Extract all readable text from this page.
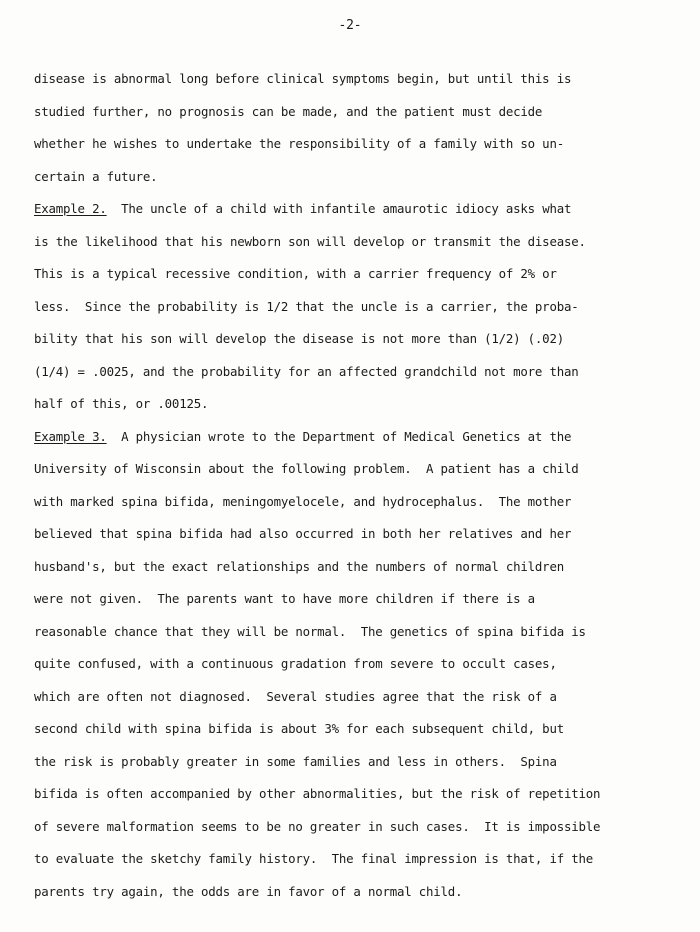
-2-
disease is abnormal long before clinical symptoms begin, but until this is
studied further, no prognosis can be made, and the patient must decide
whether he wishes to undertake the responsibility of a family with so un-
certain a future.
Example 2.  The uncle of a child with infantile amaurotic idiocy asks what
is the likelihood that his newborn son will develop or transmit the disease.
This is a typical recessive condition, with a carrier frequency of 2% or
less.  Since the probability is 1/2 that the uncle is a carrier, the proba-
bility that his son will develop the disease is not more than (1/2) (.02)
(1/4) = .0025, and the probability for an affected grandchild not more than
half of this, or .00125.
Example 3.  A physician wrote to the Department of Medical Genetics at the
University of Wisconsin about the following problem.  A patient has a child
with marked spina bifida, meningomyelocele, and hydrocephalus.  The mother
believed that spina bifida had also occurred in both her relatives and her
husband's, but the exact relationships and the numbers of normal children
were not given.  The parents want to have more children if there is a
reasonable chance that they will be normal.  The genetics of spina bifida is
quite confused, with a continuous gradation from severe to occult cases,
which are often not diagnosed.  Several studies agree that the risk of a
second child with spina bifida is about 3% for each subsequent child, but
the risk is probably greater in some families and less in others.  Spina
bifida is often accompanied by other abnormalities, but the risk of repetition
of severe malformation seems to be no greater in such cases.  It is impossible
to evaluate the sketchy family history.  The final impression is that, if the
parents try again, the odds are in favor of a normal child.
